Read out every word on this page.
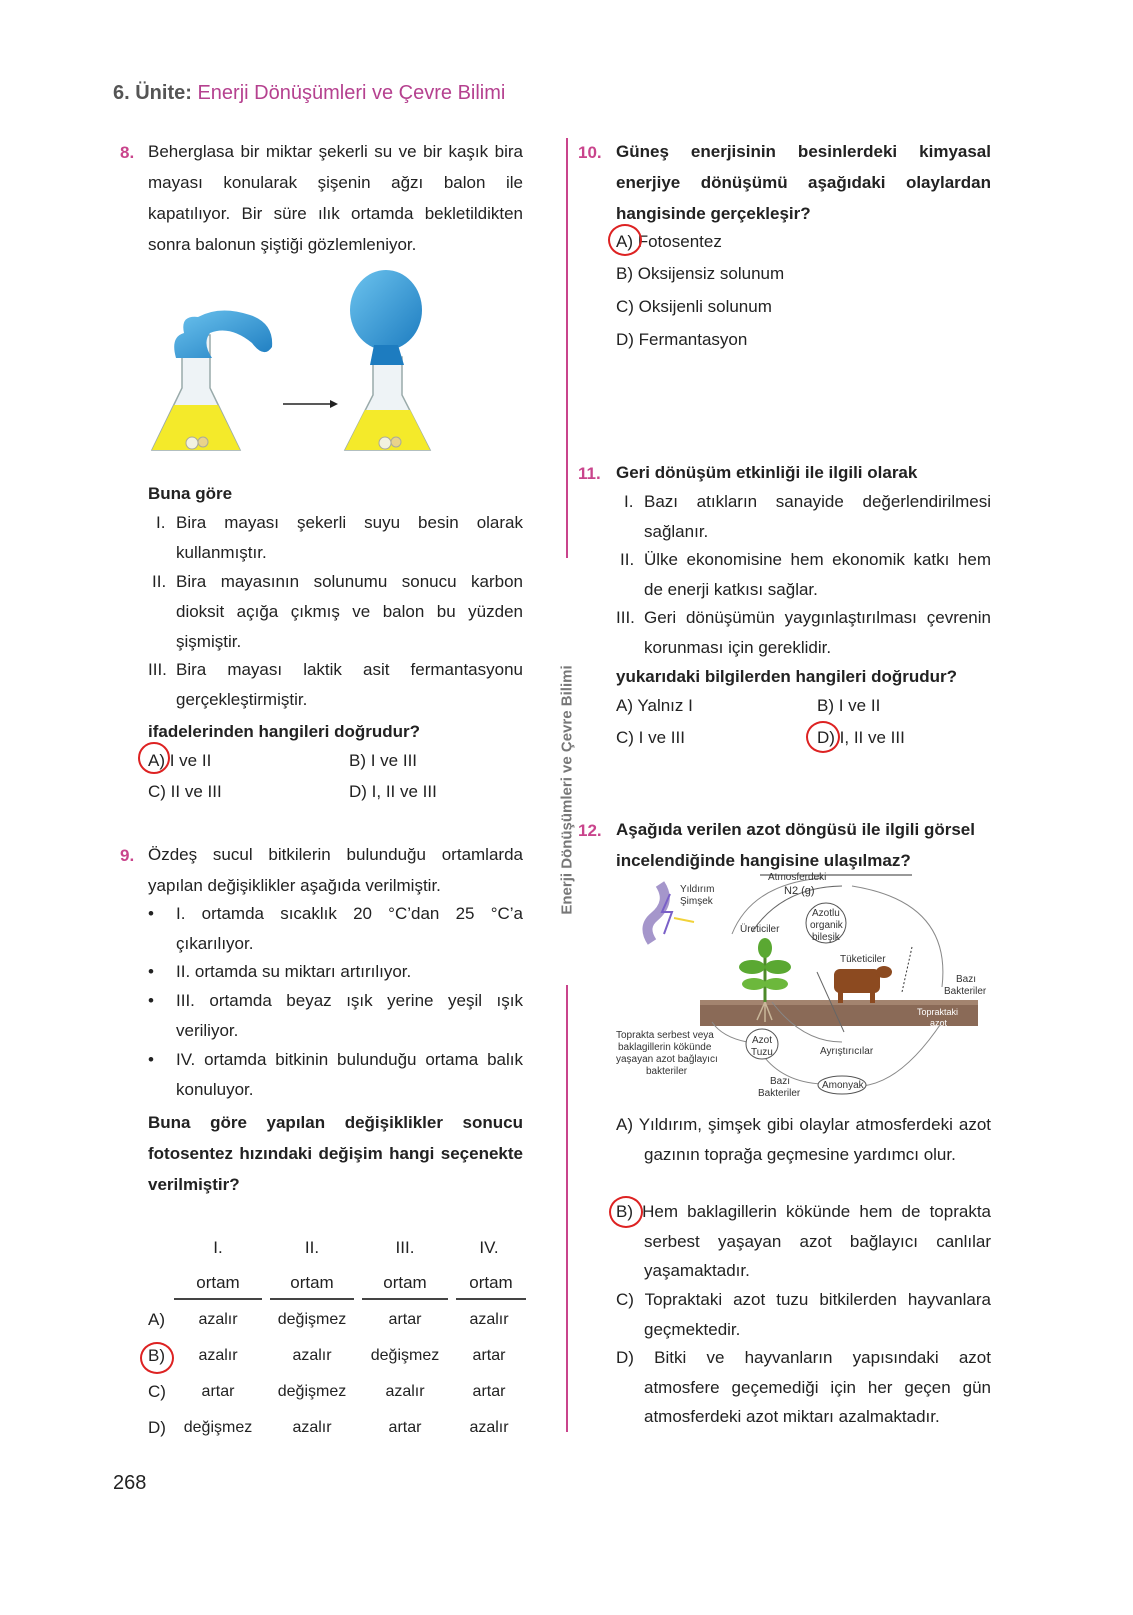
6. Ünite: Enerji Dönüşümleri ve Çevre Bilimi
Enerji Dönüşümleri ve Çevre Bilimi
8. Beherglasa bir miktar şekerli su ve bir kaşık bira mayası konularak şişenin ağzı balon ile kapatılıyor. Bir süre ılık ortamda bekletildikten sonra balonun şiştiği gözlemleniyor.
Buna göre
I. Bira mayası şekerli suyu besin olarak kullanmıştır.
II. Bira mayasının solunumu sonucu karbon dioksit açığa çıkmış ve balon bu yüzden şişmiştir.
III. Bira mayası laktik asit fermantasyonu gerçekleştirmiştir.
ifadelerinden hangileri doğrudur?
A) I ve II	B) I ve III
C) II ve III	D) I, II ve III
9. Özdeş sucul bitkilerin bulunduğu ortamlarda yapılan değişiklikler aşağıda verilmiştir.
• I. ortamda sıcaklık 20 °C’dan 25 °C’a çıkarılıyor.
• II. ortamda su miktarı artırılıyor.
• III. ortamda beyaz ışık yerine yeşil ışık veriliyor.
• IV. ortamda bitkinin bulunduğu ortama balık konuluyor.
Buna göre yapılan değişiklikler sonucu fotosentez hızındaki değişim hangi seçenekte verilmiştir?
	I.	II.	III.	IV.

	ortam	ortam	ortam	ortam

A)	azalır	değişmez	artar	azalır
B)	azalır	azalır	değişmez	artar
C)	artar	değişmez	azalır	artar
D)	değişmez	azalır	artar	azalır
10. Güneş enerjisinin besinlerdeki kimyasal enerjiye dönüşümü aşağıdaki olaylardan hangisinde gerçekleşir?
A) Fotosentez
B) Oksijensiz solunum
C) Oksijenli solunum
D) Fermantasyon
11. Geri dönüşüm etkinliği ile ilgili olarak
I. Bazı atıkların sanayide değerlendirilmesi sağlanır.
II. Ülke ekonomisine hem ekonomik katkı hem de enerji katkısı sağlar.
III. Geri dönüşümün yaygınlaştırılması çevrenin korunması için gereklidir.
yukarıdaki bilgilerden hangileri doğrudur?
A) Yalnız I	B) I ve II
C) I ve III	D) I, II ve III
12. Aşağıda verilen azot döngüsü ile ilgili görsel incelendiğinde hangisine ulaşılmaz?
Atmosferdeki
N2 (g)
Yıldırım
Şimşek
Üreticiler
Azotlu
organik
bileşik
Tüketiciler
Bazı
Bakteriler
Topraktaki
azot
Toprakta serbest veya
baklagillerin kökünde
yaşayan azot bağlayıcı
bakteriler
Azot
Tuzu	Ayrıştırıcılar
Bazı
Bakteriler
Amonyak
A) Yıldırım, şimşek gibi olaylar atmosferdeki azot gazının toprağa geçmesine yardımcı olur.
B) Hem baklagillerin kökünde hem de toprakta serbest yaşayan azot bağlayıcı canlılar yaşamaktadır.
C) Topraktaki azot tuzu bitkilerden hayvanlara geçmektedir.
D) Bitki ve hayvanların yapısındaki azot atmosfere geçemediği için her geçen gün atmosferdeki azot miktarı azalmaktadır.
268
